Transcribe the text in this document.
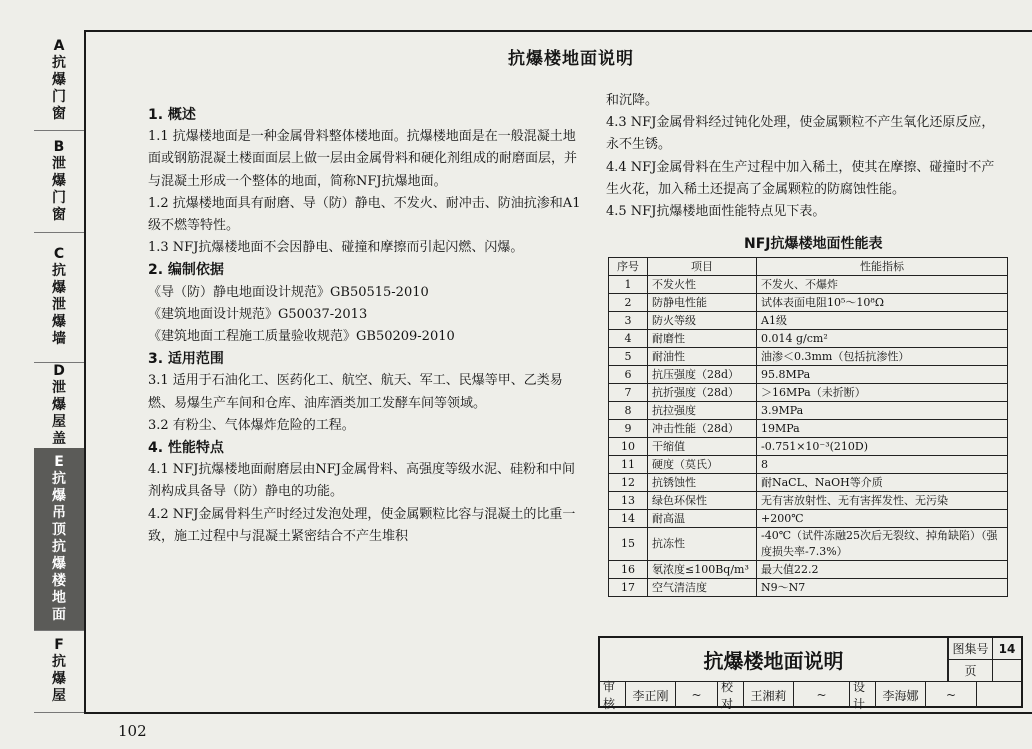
A
抗爆门窗
B
泄爆门窗
C
抗爆泄爆墙
D
泄爆屋盖
E
抗爆吊顶抗爆楼地面
F
抗爆屋
抗爆楼地面说明

1. 概述

1.1 抗爆楼地面是一种金属骨料整体楼地面。抗爆楼地面是在一般混凝土地面或钢筋混凝土楼面面层上做一层由金属骨料和硬化剂组成的耐磨面层，并与混凝土形成一个整体的地面，简称NFJ抗爆地面。

1.2 抗爆楼地面具有耐磨、导（防）静电、不发火、耐冲击、防油抗渗和A1级不燃等特性。

1.3 NFJ抗爆楼地面不会因静电、碰撞和摩擦而引起闪燃、闪爆。

2. 编制依据

《导（防）静电地面设计规范》GB50515-2010

《建筑地面设计规范》G50037-2013

《建筑地面工程施工质量验收规范》GB50209-2010

3. 适用范围

3.1 适用于石油化工、医药化工、航空、航天、军工、民爆等甲、乙类易燃、易爆生产车间和仓库、油库酒类加工发酵车间等领域。

3.2 有粉尘、气体爆炸危险的工程。

4. 性能特点

4.1 NFJ抗爆楼地面耐磨层由NFJ金属骨料、高强度等级水泥、硅粉和中间剂构成具备导（防）静电的功能。

4.2 NFJ金属骨料生产时经过发泡处理，使金属颗粒比容与混凝土的比重一致，施工过程中与混凝土紧密结合不产生堆积

和沉降。

4.3 NFJ金属骨料经过钝化处理，使金属颗粒不产生氧化还原反应，永不生锈。

4.4 NFJ金属骨料在生产过程中加入稀土，使其在摩擦、碰撞时不产生火花，加入稀土还提高了金属颗粒的防腐蚀性能。

4.5 NFJ抗爆楼地面性能特点见下表。

NFJ抗爆楼地面性能表
序号	项目	性能指标
1	不发火性	不发火、不爆炸
2	防静电性能	试体表面电阻10⁵～10⁸Ω
3	防火等级	A1级
4	耐磨性	0.014 g/cm²
5	耐油性	油渗＜0.3mm（包括抗渗性）
6	抗压强度（28d）	95.8MPa
7	抗折强度（28d）	＞16MPa（未折断）
8	抗拉强度	3.9MPa
9	冲击性能（28d）	19MPa
10	干缩值	-0.751×10⁻³(210D)
11	硬度（莫氏）	8
12	抗锈蚀性	耐NaCL、NaOH等介质
13	绿色环保性	无有害放射性、无有害挥发性、无污染
14	耐高温	+200℃
15	抗冻性	-40℃（试件冻融25次后无裂纹、掉角缺陷）（强度损失率-7.3%）
16	氡浓度≤100Bq/m³	最大值22.2
17	空气清洁度	N9～N7
抗爆楼地面说明	图集号 14
页
审核
李正刚	~
校对
王湘莉	~
设计
李海娜	~
102
